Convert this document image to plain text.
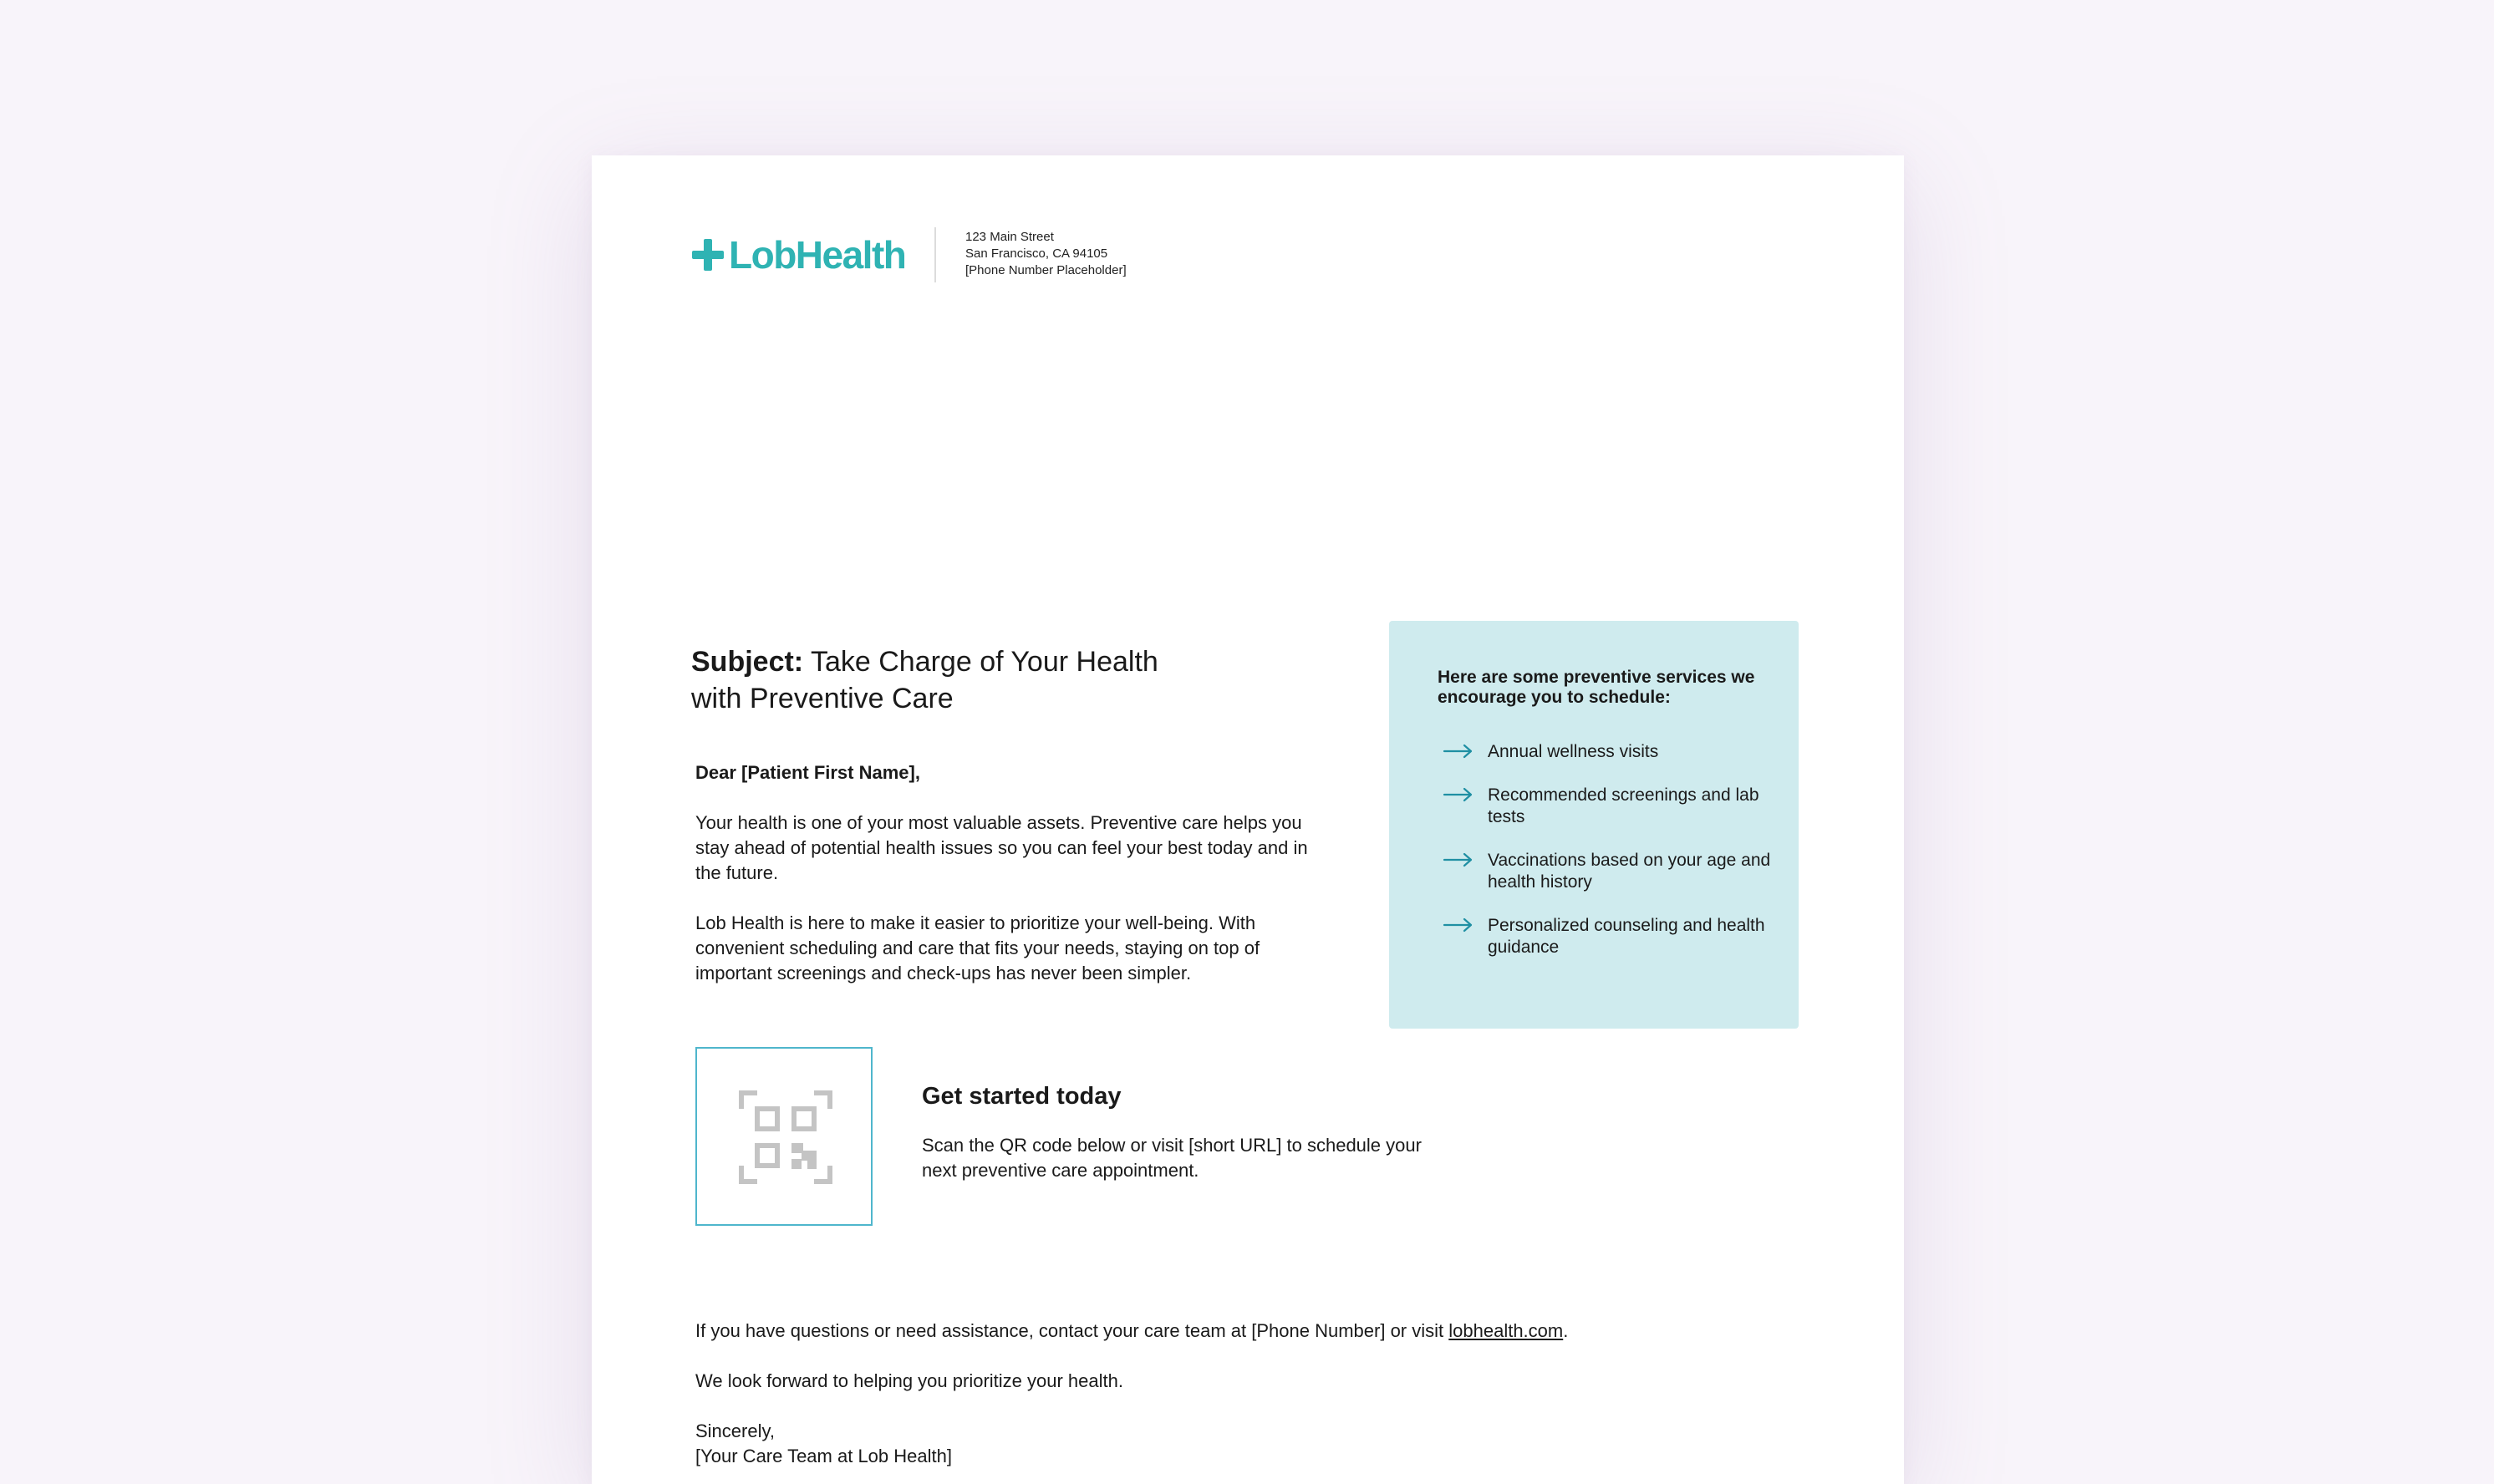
LobHealth	123 Main Street
San Francisco, CA 94105
[Phone Number Placeholder]
Subject: Take Charge of Your Health with Preventive Care

Dear [Patient First Name],

Your health is one of your most valuable assets. Preventive care helps you stay ahead of potential health issues so you can feel your best today and in the future.

Lob Health is here to make it easier to prioritize your well-being. With convenient scheduling and care that fits your needs, staying on top of important screenings and check-ups has never been simpler.

Here are some preventive services we encourage you to schedule:
Annual wellness visits
Recommended screenings and lab tests
Vaccinations based on your age and health history
Personalized counseling and health guidance
Get started today
Scan the QR code below or visit [short URL] to schedule your next preventive care appointment.

If you have questions or need assistance, contact your care team at [Phone Number] or visit lobhealth.com.

We look forward to helping you prioritize your health.

Sincerely,
[Your Care Team at Lob Health]
